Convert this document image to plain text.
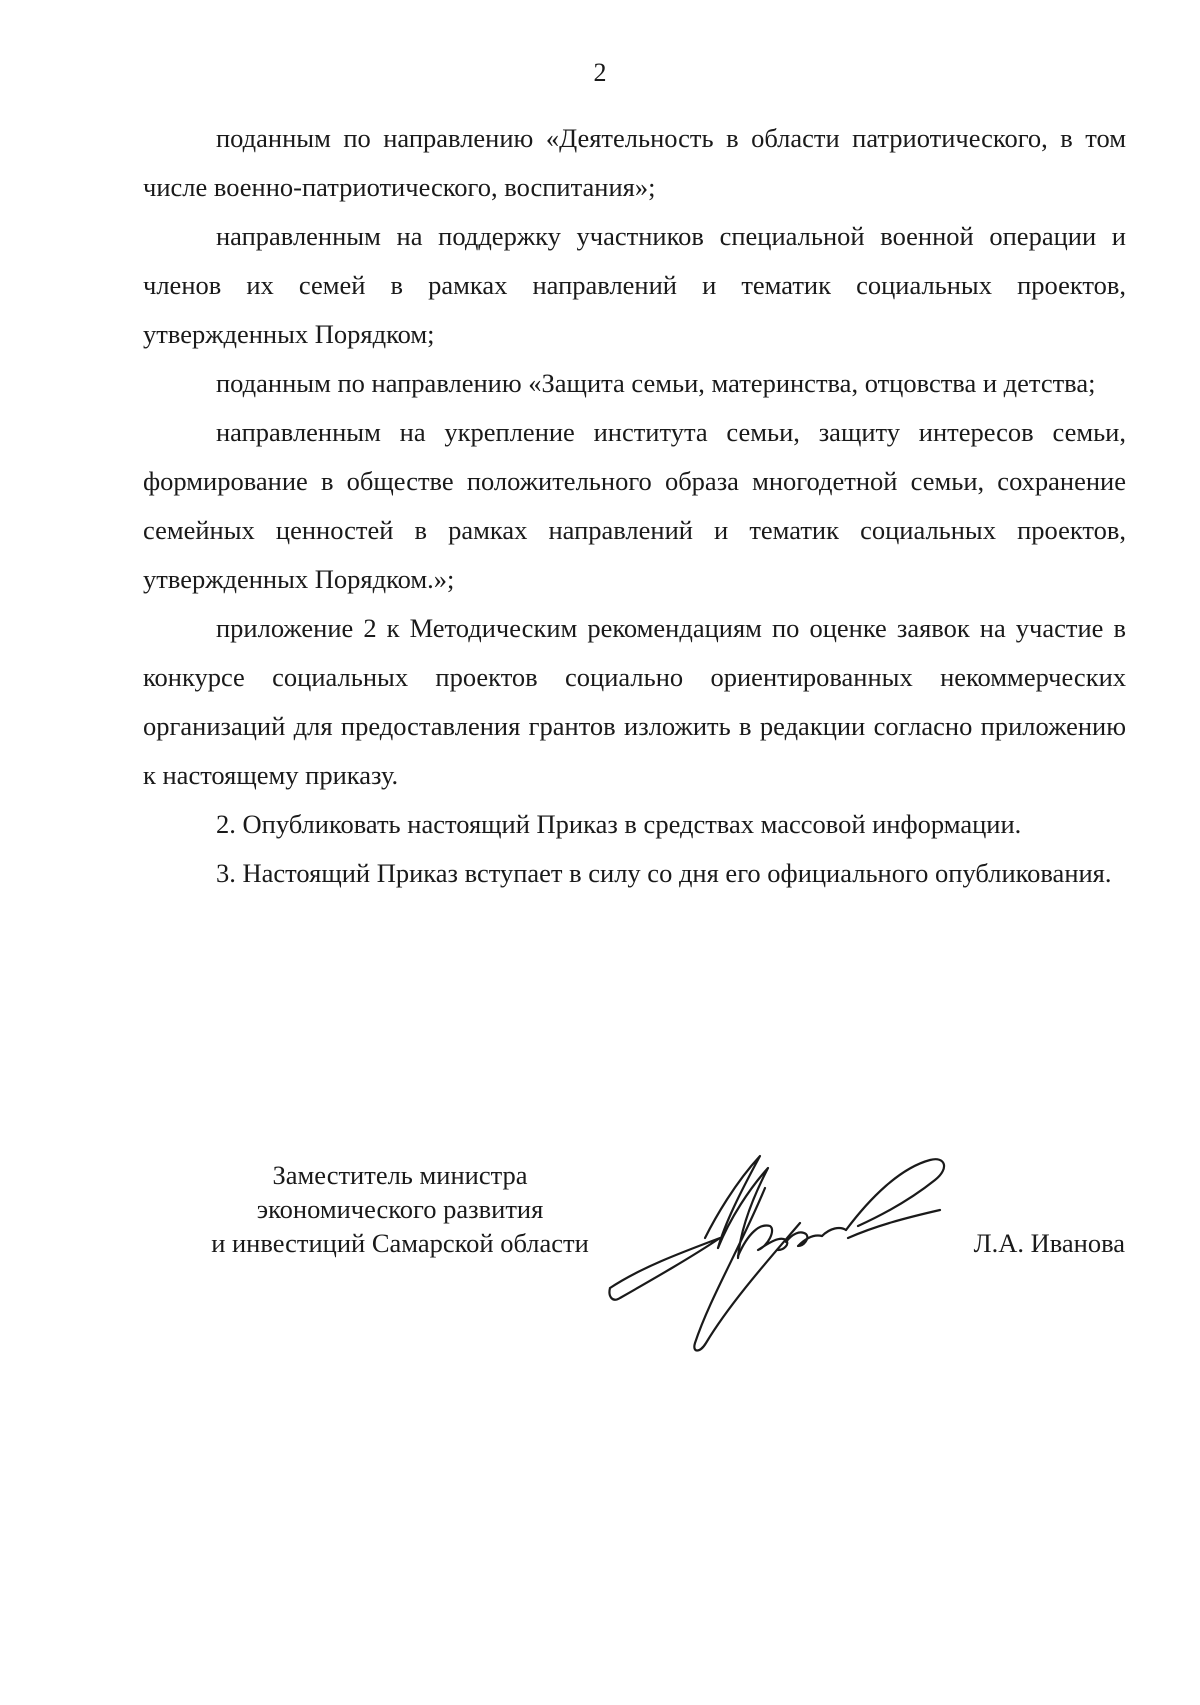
2

поданным по направлению «Деятельность в области патриотического, в том числе военно-патриотического, воспитания»;

направленным на поддержку участников специальной военной операции и членов их семей в рамках направлений и тематик социальных проектов, утвержденных Порядком;

поданным по направлению «Защита семьи, материнства, отцовства и детства;

направленным на укрепление института семьи, защиту интересов семьи, формирование в обществе положительного образа многодетной семьи, сохранение семейных ценностей в рамках направлений и тематик социальных проектов, утвержденных Порядком.»;

приложение 2 к Методическим рекомендациям по оценке заявок на участие в конкурсе социальных проектов социально ориентированных некоммерческих организаций для предоставления грантов изложить в редакции согласно приложению к настоящему приказу.

2. Опубликовать настоящий Приказ в средствах массовой информации.

3. Настоящий Приказ вступает в силу со дня его официального опубликования.

Заместитель министра
экономического развития
и инвестиций Самарской области	Л.А. Иванова
